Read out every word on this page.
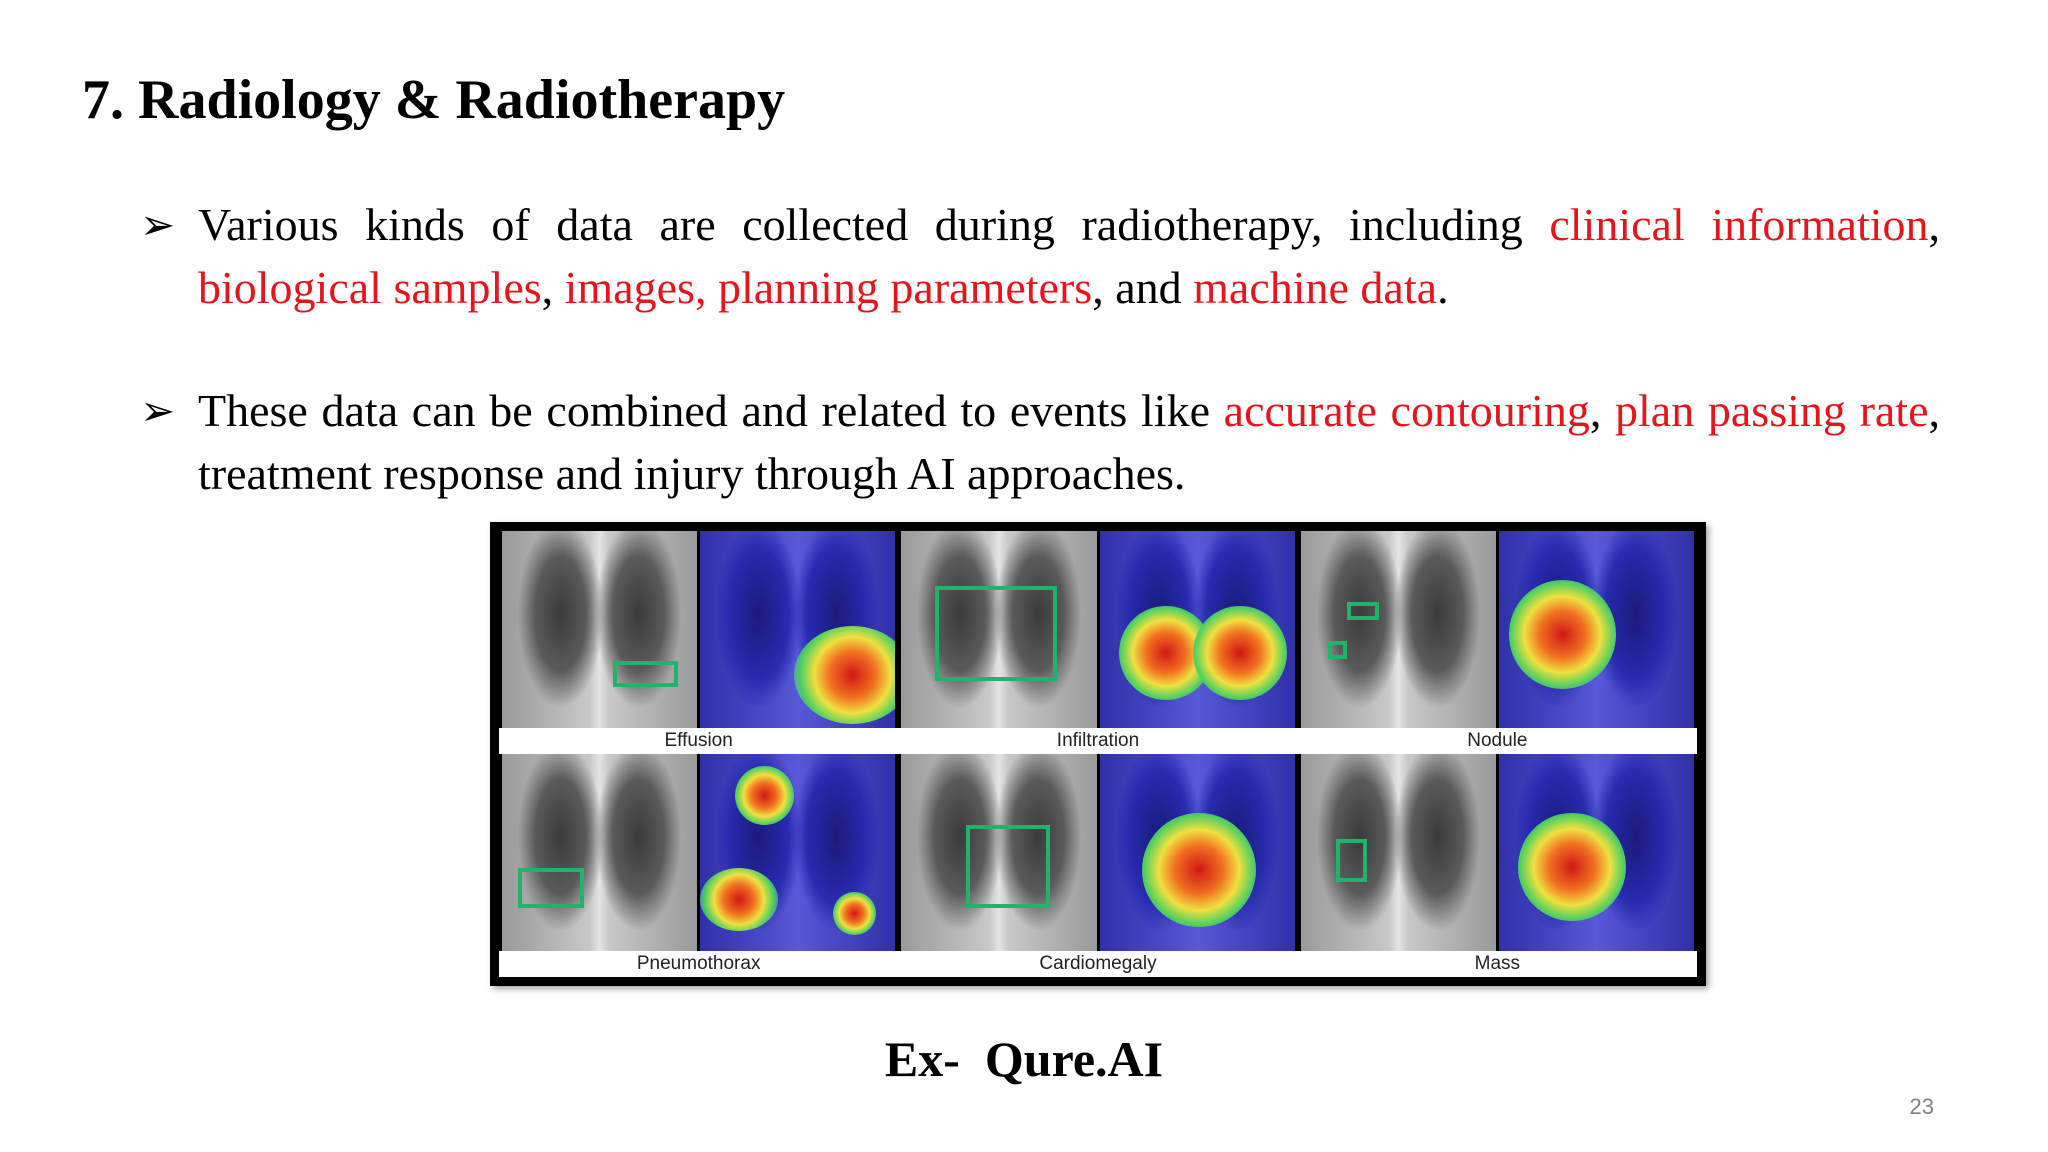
7. Radiology & Radiotherapy
➢ Various kinds of data are collected during radiotherapy, including clinical information, biological samples, images, planning parameters, and machine data.
➢ These data can be combined and related to events like accurate contouring, plan passing rate, treatment response and injury through AI approaches.
Effusion	Infiltration	Nodule
Pneumothorax	Cardiomegaly	Mass
Ex-  Qure.AI
23
